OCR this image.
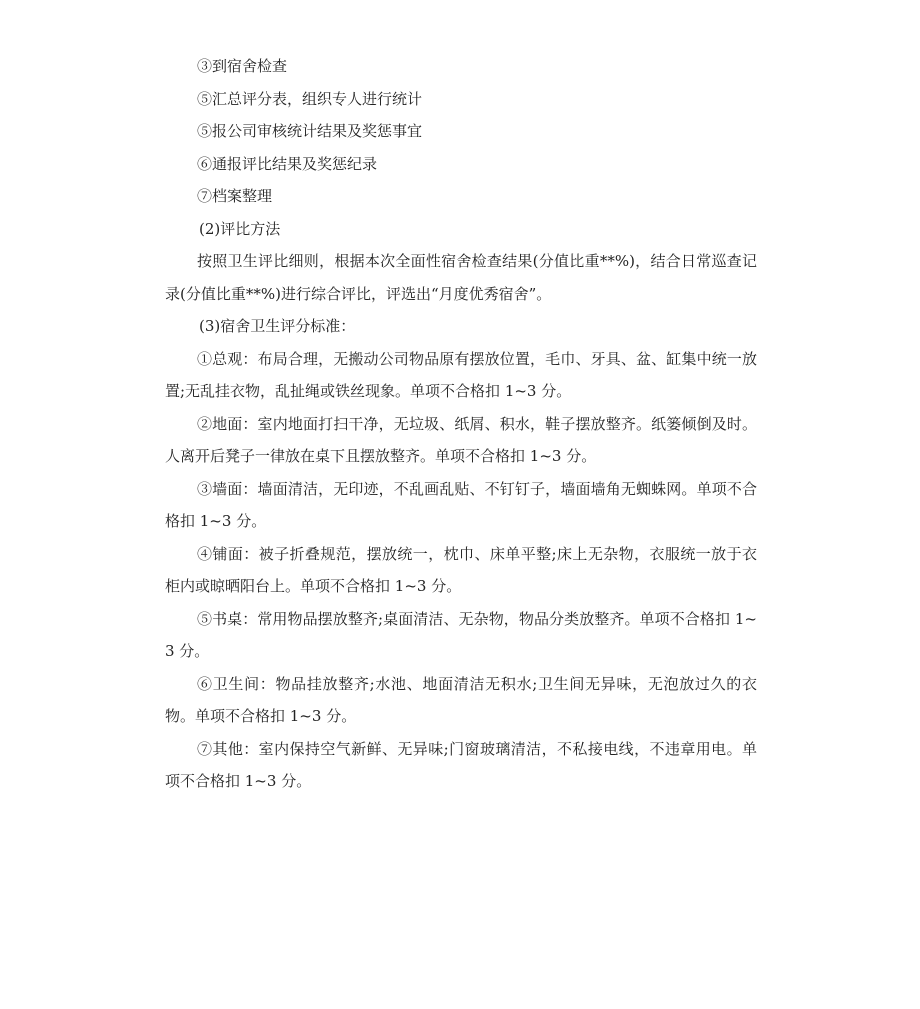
③到宿舍检查

⑤汇总评分表，组织专人进行统计

⑤报公司审核统计结果及奖惩事宜

⑥通报评比结果及奖惩纪录

⑦档案整理

(2)评比方法

按照卫生评比细则，根据本次全面性宿舍检查结果(分值比重**%)，结合日常巡查记录(分值比重**%)进行综合评比，评选出“月度优秀宿舍”。

(3)宿舍卫生评分标准：

①总观：布局合理，无搬动公司物品原有摆放位置，毛巾、牙具、盆、缸集中统一放置;无乱挂衣物，乱扯绳或铁丝现象。单项不合格扣 1~3 分。

②地面：室内地面打扫干净，无垃圾、纸屑、积水，鞋子摆放整齐。纸篓倾倒及时。人离开后凳子一律放在桌下且摆放整齐。单项不合格扣 1~3 分。

③墙面：墙面清洁，无印迹，不乱画乱贴、不钉钉子，墙面墙角无蜘蛛网。单项不合格扣 1~3 分。

④铺面：被子折叠规范，摆放统一，枕巾、床单平整;床上无杂物，衣服统一放于衣柜内或晾晒阳台上。单项不合格扣 1~3 分。

⑤书桌：常用物品摆放整齐;桌面清洁、无杂物，物品分类放整齐。单项不合格扣 1~3 分。

⑥卫生间：物品挂放整齐;水池、地面清洁无积水;卫生间无异味，无泡放过久的衣物。单项不合格扣 1~3 分。

⑦其他：室内保持空气新鲜、无异味;门窗玻璃清洁，不私接电线，不违章用电。单项不合格扣 1~3 分。
